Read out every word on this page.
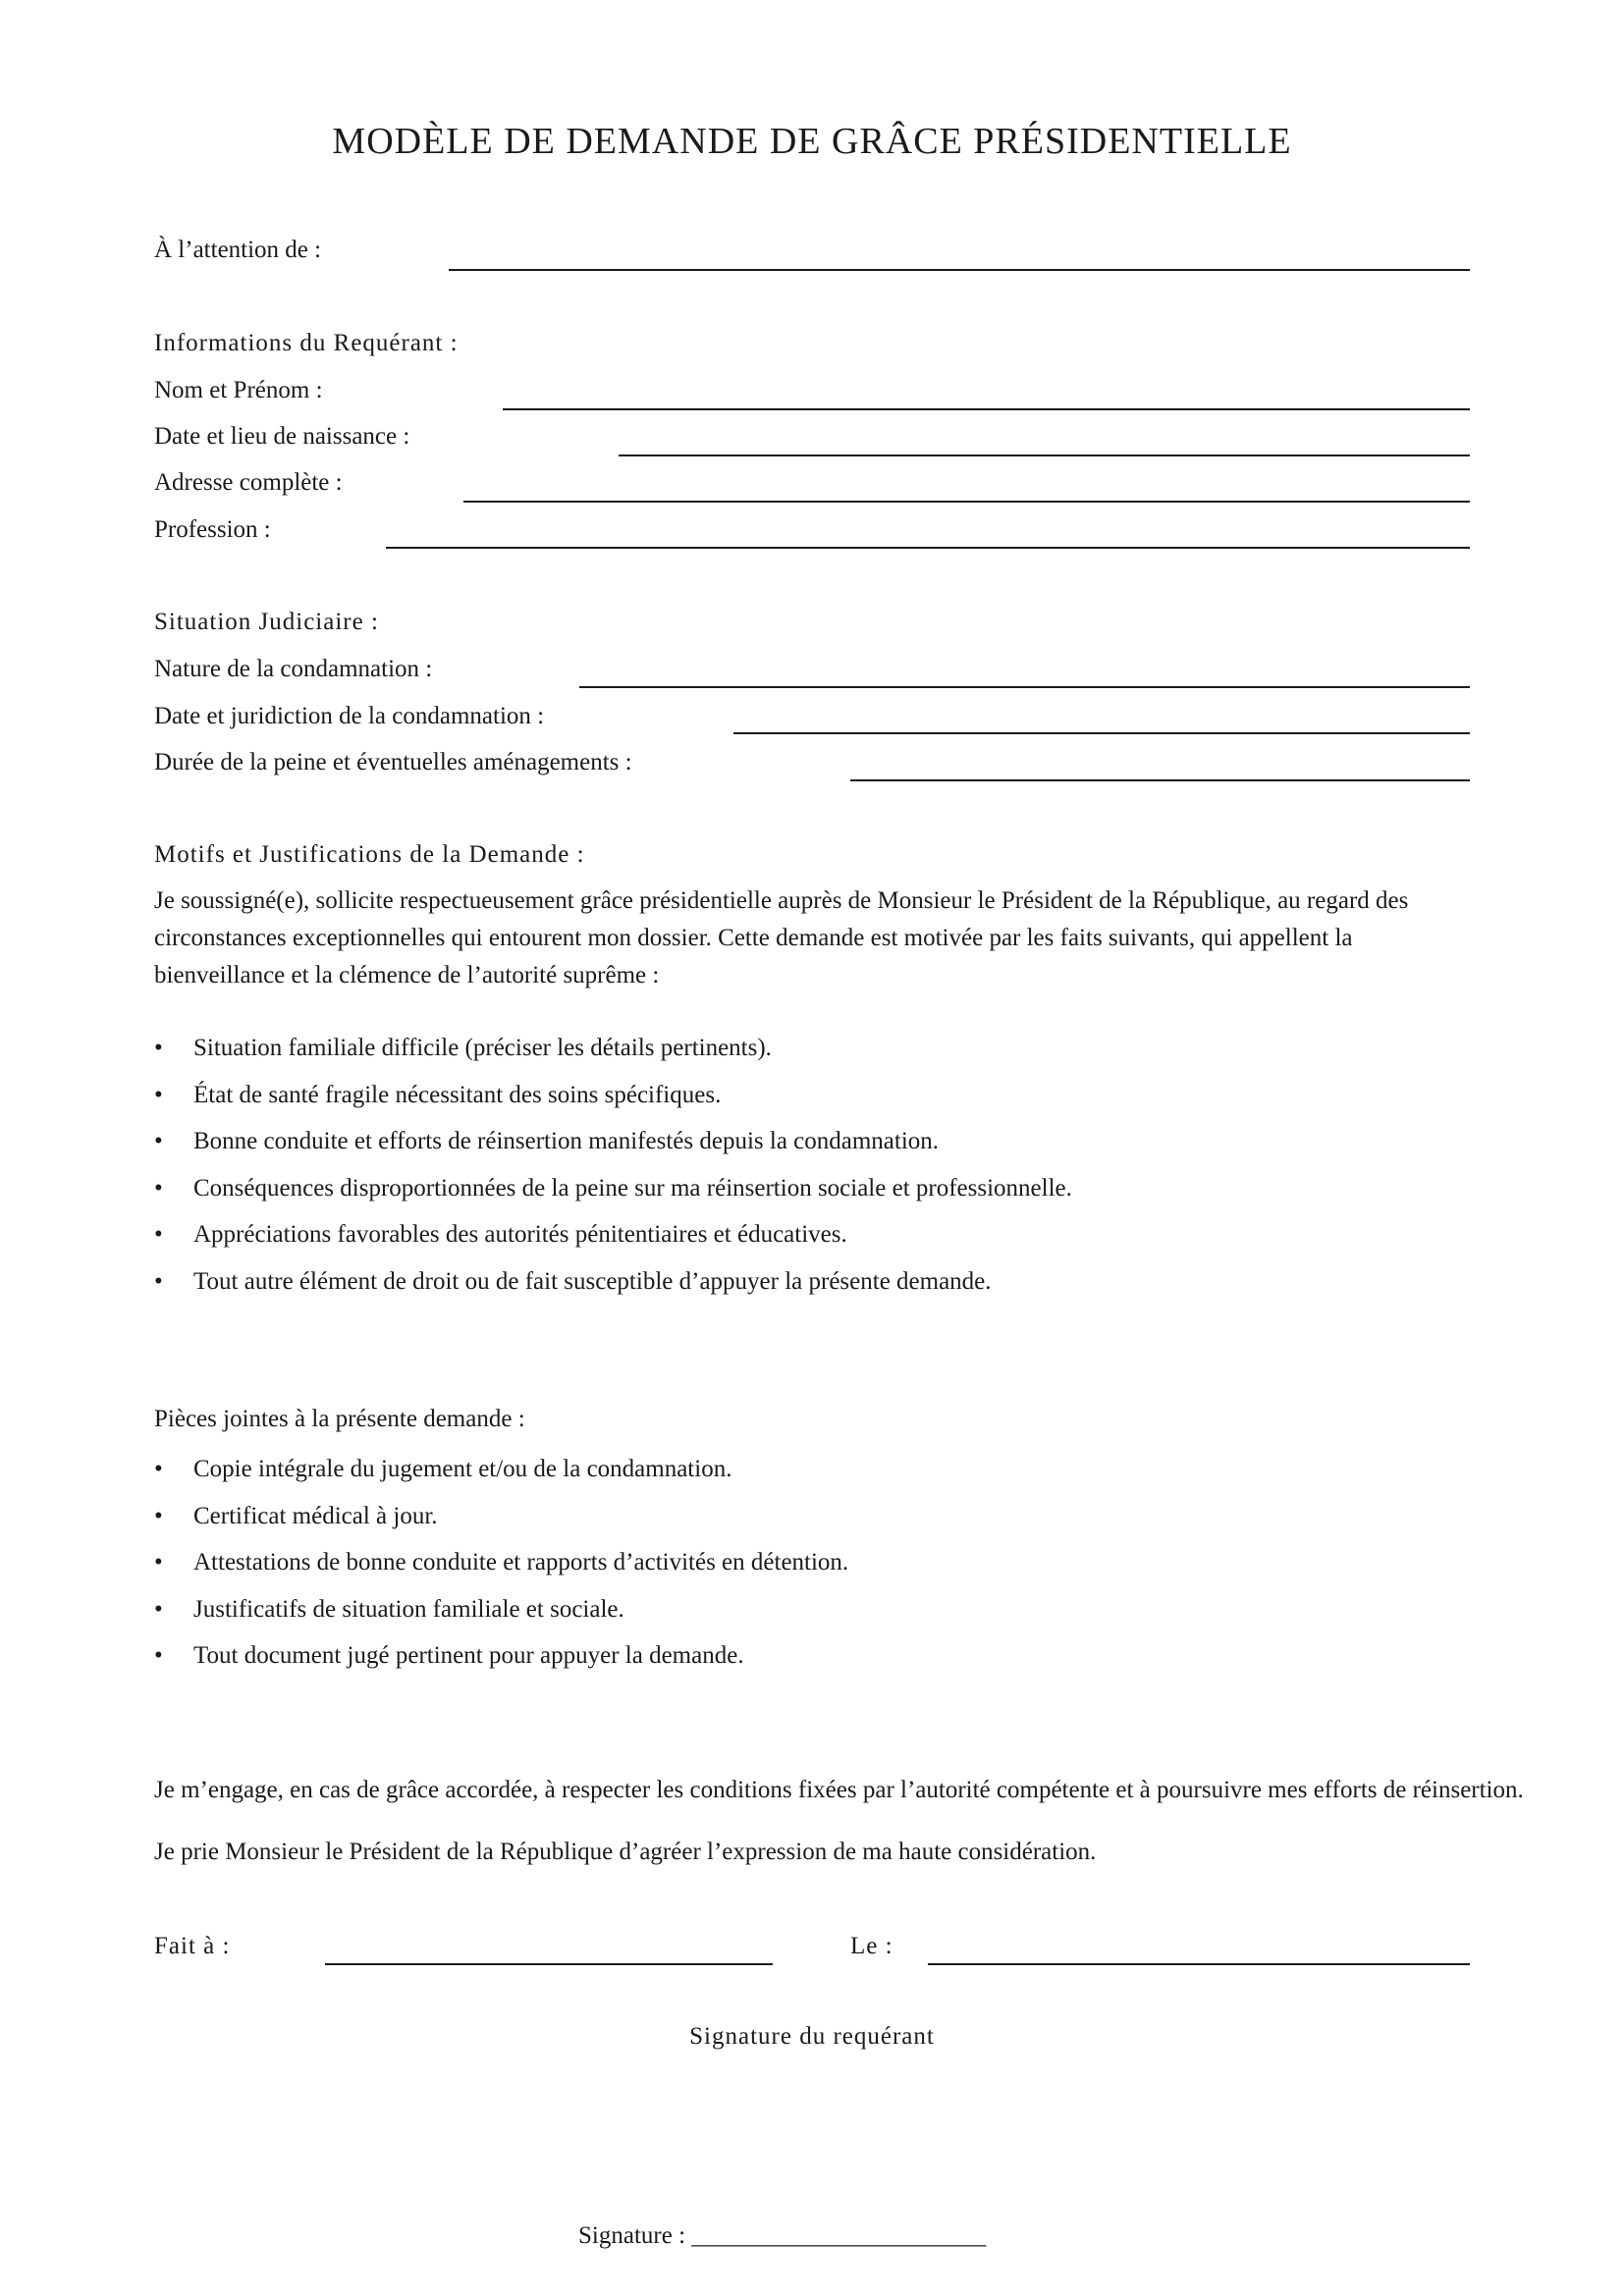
MODÈLE DE DEMANDE DE GRÂCE PRÉSIDENTIELLE
À l’attention de :
Informations du Requérant :
Nom et Prénom :
Date et lieu de naissance :
Adresse complète :
Profession :
Situation Judiciaire :
Nature de la condamnation :
Date et juridiction de la condamnation :
Durée de la peine et éventuelles aménagements :
Motifs et Justifications de la Demande :
Je soussigné(e), sollicite respectueusement grâce présidentielle auprès de Monsieur le Président de la République, au regard des circonstances exceptionnelles qui entourent mon dossier. Cette demande est motivée par les faits suivants, qui appellent la bienveillance et la clémence de l’autorité suprême :
• Situation familiale difficile (préciser les détails pertinents).
• État de santé fragile nécessitant des soins spécifiques.
• Bonne conduite et efforts de réinsertion manifestés depuis la condamnation.
• Conséquences disproportionnées de la peine sur ma réinsertion sociale et professionnelle.
• Appréciations favorables des autorités pénitentiaires et éducatives.
• Tout autre élément de droit ou de fait susceptible d’appuyer la présente demande.
Pièces jointes à la présente demande :
• Copie intégrale du jugement et/ou de la condamnation.
• Certificat médical à jour.
• Attestations de bonne conduite et rapports d’activités en détention.
• Justificatifs de situation familiale et sociale.
• Tout document jugé pertinent pour appuyer la demande.
Je m’engage, en cas de grâce accordée, à respecter les conditions fixées par l’autorité compétente et à poursuivre mes efforts de réinsertion.
Je prie Monsieur le Président de la République d’agréer l’expression de ma haute considération.
Fait à :	Le :
Signature du requérant
Signature : ________________________
